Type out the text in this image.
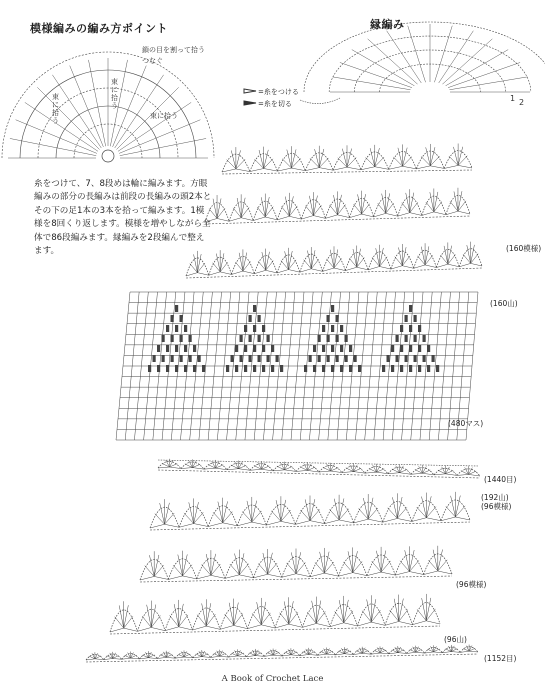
模様編みの編み方ポイント	縁編み
鎖の目を割って拾う
つなぐ
束に拾う
束に拾う
束に拾う
=糸をつける
=糸を切る
糸をつけて、7、8段めは輪に編みます。方眼編みの部分の長編みは前段の長編みの頭2本とその下の足1本の3本を拾って編みます。1模様を8回くり返します。模様を増やしながら全体で86段編みます。縁編みを2段編んで整えます。	(160模様)
(160山)
(480マス)
(1440目)
(192山)
(96模様)
(96模様)
(96山)
(1152目)
1 2
A Book of Crochet Lace
